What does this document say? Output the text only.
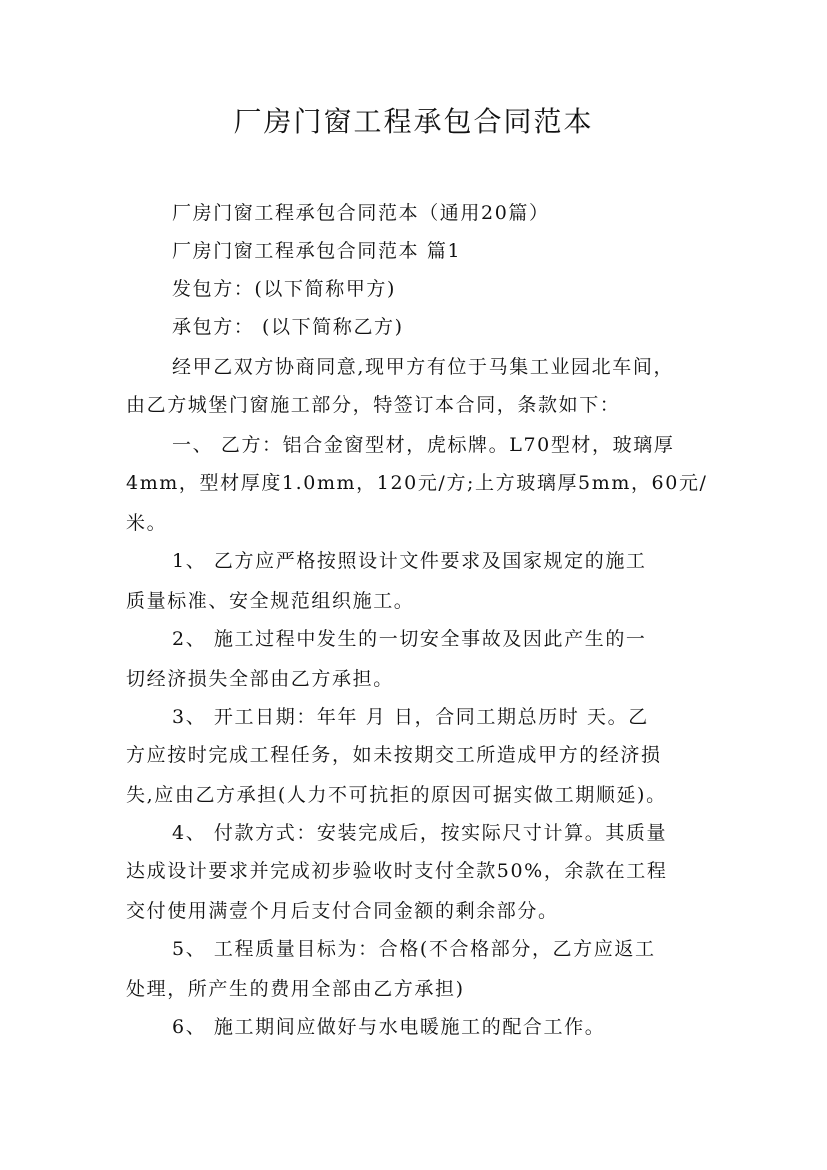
厂房门窗工程承包合同范本
厂房门窗工程承包合同范本（通用20篇）
厂房门窗工程承包合同范本 篇1
发包方：(以下简称甲方)
承包方： (以下简称乙方)
经甲乙双方协商同意,现甲方有位于马集工业园北车间，
由乙方城堡门窗施工部分，特签订本合同，条款如下：
一、 乙方：铝合金窗型材，虎标牌。L70型材，玻璃厚
4mm，型材厚度1.0mm，120元/方;上方玻璃厚5mm，60元/
米。
1、 乙方应严格按照设计文件要求及国家规定的施工
质量标准、安全规范组织施工。
2、 施工过程中发生的一切安全事故及因此产生的一
切经济损失全部由乙方承担。
3、 开工日期：年年 月 日，合同工期总历时 天。乙
方应按时完成工程任务，如未按期交工所造成甲方的经济损
失,应由乙方承担(人力不可抗拒的原因可据实做工期顺延)。
4、 付款方式：安装完成后，按实际尺寸计算。其质量
达成设计要求并完成初步验收时支付全款50%，余款在工程
交付使用满壹个月后支付合同金额的剩余部分。
5、 工程质量目标为：合格(不合格部分，乙方应返工
处理，所产生的费用全部由乙方承担)
6、 施工期间应做好与水电暖施工的配合工作。
